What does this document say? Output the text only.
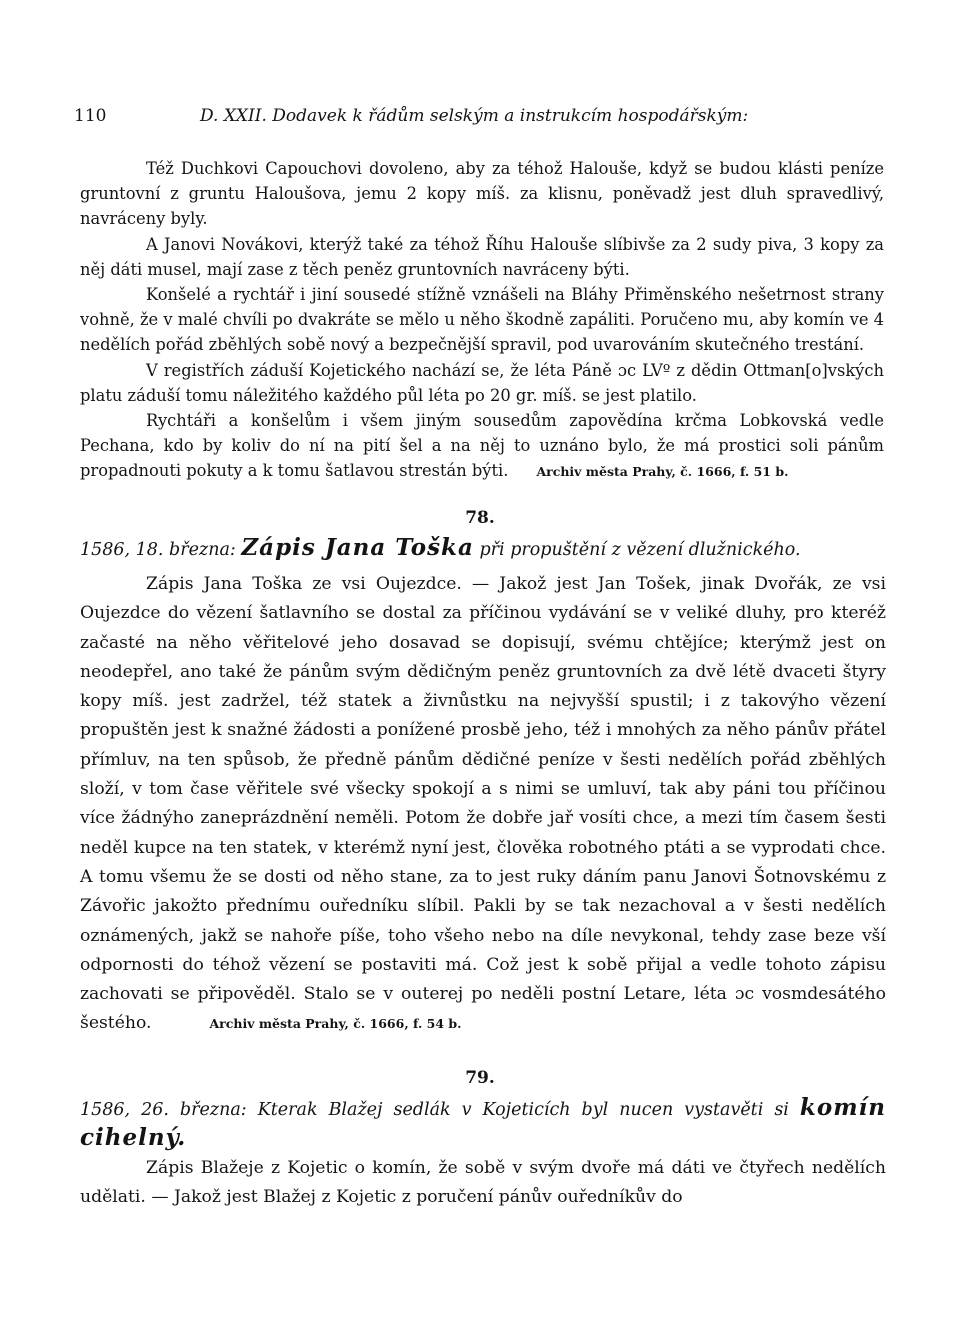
110	D. XXII. Dodavek k řádům selským a instrukcím hospodářským:

Též Duchkovi Capouchovi dovoleno, aby za téhož Halouše, když se budou klásti peníze gruntovní z gruntu Haloušova, jemu 2 kopy míš. za klisnu, poněvadž jest dluh spravedlivý, navráceny byly.

A Janovi Novákovi, kterýž také za téhož Říhu Halouše slíbivše za 2 sudy piva, 3 kopy za něj dáti musel, mají zase z těch peněz gruntovních navráceny býti.

Konšelé a rychtář i jiní sousedé stížně vznášeli na Bláhy Přiměnského nešetrnost strany vohně, že v malé chvíli po dvakráte se mělo u něho škodně zapáliti. Poručeno mu, aby komín ve 4 nedělích pořád zběhlých sobě nový a bezpečnější spravil, pod uvarováním skutečného trestání.

V registřích záduší Kojetického nachází se, že léta Páně ɔc LVº z dědin Ottman[o]vských platu záduší tomu náležitého každého půl léta po 20 gr. míš. se jest platilo.

Rychtáři a konšelům i všem jiným sousedům zapovědína krčma Lobkovská vedle Pechana, kdo by koliv do ní na pití šel a na něj to uznáno bylo, že má prostici soli pánům propadnouti pokuty a k tomu šatlavou strestán býti. Archiv města Prahy, č. 1666, f. 51 b.

78.
1586, 18. března: Zápis Jana Toška při propuštění z vězení dlužnického.

Zápis Jana Toška ze vsi Oujezdce. — Jakož jest Jan Tošek, jinak Dvořák, ze vsi Oujezdce do vězení šatlavního se dostal za příčinou vydávání se v veliké dluhy, pro kteréž začasté na něho věřitelové jeho dosavad se dopisují, svému chtějíce; kterýmž jest on neodepřel, ano také že pánům svým dědičným peněz gruntovních za dvě létě dvaceti štyry kopy míš. jest zadržel, též statek a živnůstku na nejvyšší spustil; i z takovýho vězení propuštěn jest k snažné žádosti a ponížené prosbě jeho, též i mnohých za něho pánův přátel přímluv, na ten spůsob, že předně pánům dědičné peníze v šesti nedělích pořád zběhlých složí, v tom čase věřitele své všecky spokojí a s nimi se umluví, tak aby páni tou příčinou více žádnýho zaneprázdnění neměli. Potom že dobře jař vosíti chce, a mezi tím časem šesti neděl kupce na ten statek, v kterémž nyní jest, člověka robotného ptáti a se vyprodati chce. A tomu všemu že se dosti od něho stane, za to jest ruky dáním panu Janovi Šotnovskému z Závořic jakožto přednímu ouředníku slíbil. Pakli by se tak nezachoval a v šesti nedělích oznámených, jakž se nahoře píše, toho všeho nebo na díle nevykonal, tehdy zase beze vší odpornosti do téhož vězení se postaviti má. Což jest k sobě přijal a vedle tohoto zápisu zachovati se připověděl. Stalo se v outerej po neděli postní Letare, léta ɔc vosmdesátého šestého.	Archiv města Prahy, č. 1666, f. 54 b.

79.
1586, 26. března: Kterak Blažej sedlák v Kojeticích byl nucen vystavěti si komín cihelný.

Zápis Blažeje z Kojetic o komín, že sobě v svým dvoře má dáti ve čtyřech nedělích udělati. — Jakož jest Blažej z Kojetic z poručení pánův ouředníkův do
